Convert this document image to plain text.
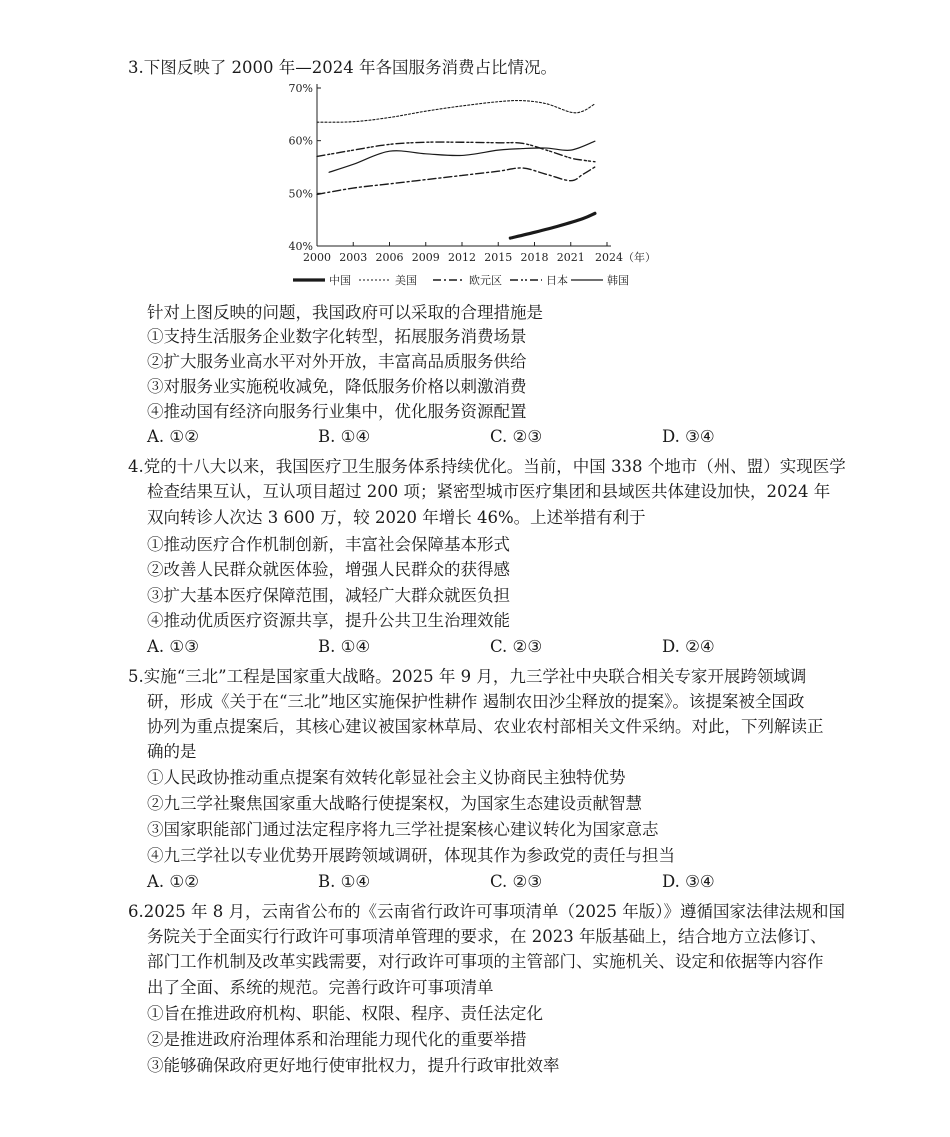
40%
50%
60%
70%
2000 2003 2006 2009 2012 2015 2018 2021 2024（年）
中国	美国	欧元区	日本	韩国
3.下图反映了 2000 年—2024 年各国服务消费占比情况。
针对上图反映的问题，我国政府可以采取的合理措施是
①支持生活服务企业数字化转型，拓展服务消费场景
②扩大服务业高水平对外开放，丰富高品质服务供给
③对服务业实施税收减免，降低服务价格以刺激消费
④推动国有经济向服务行业集中，优化服务资源配置
A. ①②	B. ①④	C. ②③	D. ③④
4.党的十八大以来，我国医疗卫生服务体系持续优化。当前，中国 338 个地市（州、盟）实现医学
检查结果互认，互认项目超过 200 项；紧密型城市医疗集团和县域医共体建设加快，2024 年
双向转诊人次达 3 600 万，较 2020 年增长 46%。上述举措有利于
①推动医疗合作机制创新，丰富社会保障基本形式
②改善人民群众就医体验，增强人民群众的获得感
③扩大基本医疗保障范围，减轻广大群众就医负担
④推动优质医疗资源共享，提升公共卫生治理效能
A. ①③	B. ①④	C. ②③	D. ②④
5.实施“三北”工程是国家重大战略。2025 年 9 月，九三学社中央联合相关专家开展跨领域调
研，形成《关于在“三北”地区实施保护性耕作 遏制农田沙尘释放的提案》。该提案被全国政
协列为重点提案后，其核心建议被国家林草局、农业农村部相关文件采纳。对此，下列解读正
确的是
①人民政协推动重点提案有效转化彰显社会主义协商民主独特优势
②九三学社聚焦国家重大战略行使提案权，为国家生态建设贡献智慧
③国家职能部门通过法定程序将九三学社提案核心建议转化为国家意志
④九三学社以专业优势开展跨领域调研，体现其作为参政党的责任与担当
A. ①②	B. ①④	C. ②③	D. ③④
6.2025 年 8 月，云南省公布的《云南省行政许可事项清单（2025 年版）》遵循国家法律法规和国
务院关于全面实行行政许可事项清单管理的要求，在 2023 年版基础上，结合地方立法修订、
部门工作机制及改革实践需要，对行政许可事项的主管部门、实施机关、设定和依据等内容作
出了全面、系统的规范。完善行政许可事项清单
①旨在推进政府机构、职能、权限、程序、责任法定化
②是推进政府治理体系和治理能力现代化的重要举措
③能够确保政府更好地行使审批权力，提升行政审批效率
